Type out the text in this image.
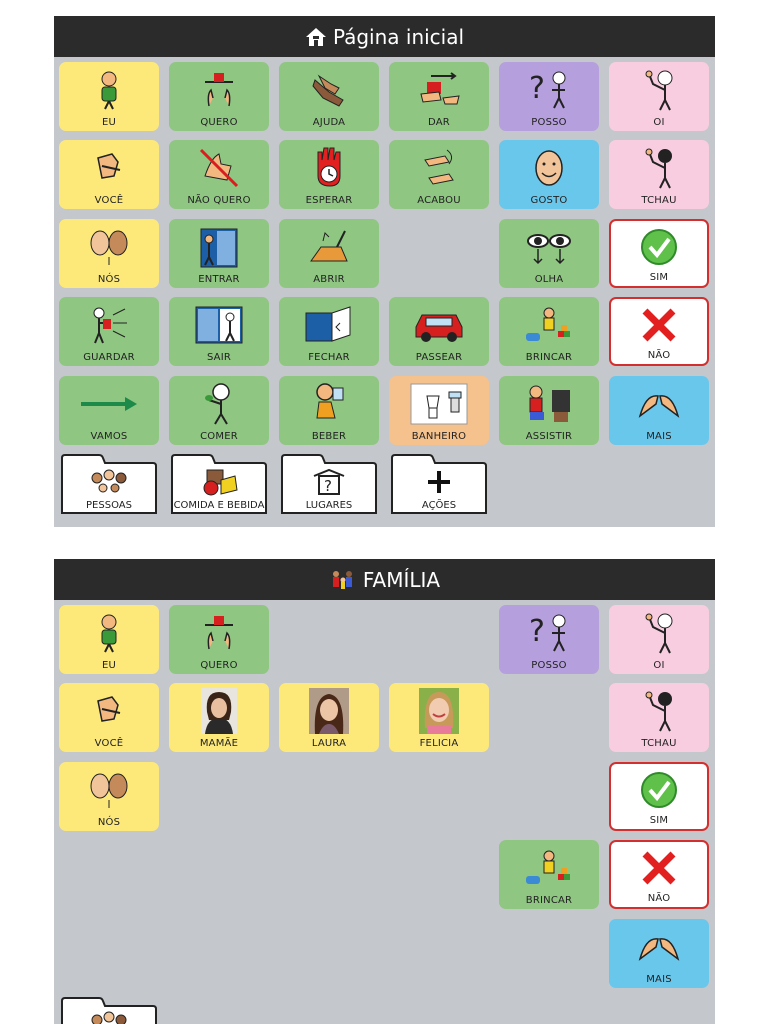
Página inicial
EU	QUERO	AJUDA	DAR
?
POSSO	OI
VOCÊ	NÃO QUERO	ESPERAR	ACABOU	GOSTO	TCHAU
NÓS	ENTRAR	ABRIR	OLHA	SIM
GUARDAR	SAIR	FECHAR	PASSEAR	BRINCAR	NÃO
VAMOS	COMER	BEBER	BANHEIRO	ASSISTIR	MAIS
PESSOAS	COMIDA E BEBIDA
?
LUGARES	AÇÕES
FAMÍLIA
EU	QUERO
?
POSSO	OI
VOCÊ	MAMÃE	LAURA	FELICIA	TCHAU
NÓS	SIM
BRINCAR	NÃO
MAIS
